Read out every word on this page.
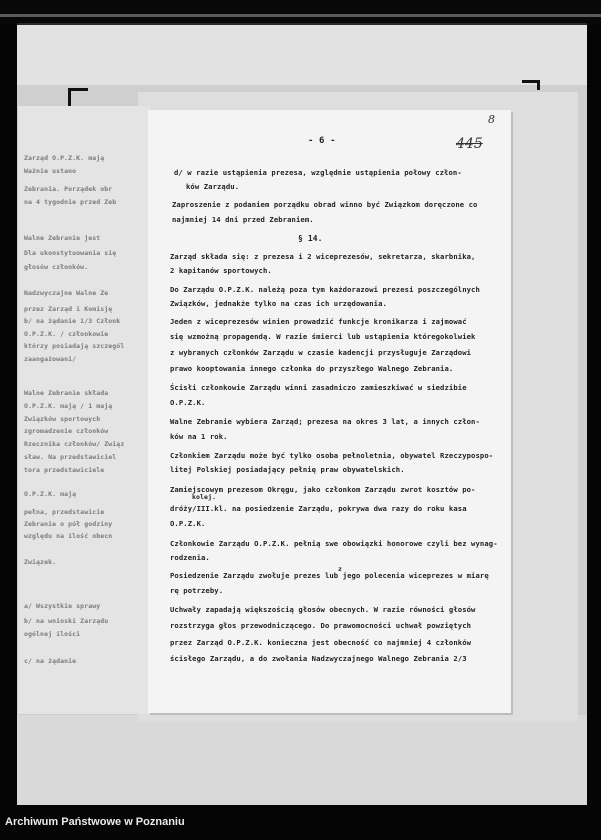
Zarząd O.P.Z.K. mają
Ważnie ustano
Zebrania. Porządek obr
na 4 tygodnie przed Zeb
Walne Zebranie jest
Dla ukonstytuowania się
głosów członków.
Nadzwyczajne Walne Ze
przez Zarząd i Komisję
b/ na żądanie 1/3 Członk
O.P.Z.K. / członkowie
którzy posiadają szczegól
zaangażowani/
Walne Zebranie składa
O.P.Z.K. mają / 1 mają
Związków sportowych
zgromadzenie członków
Rzecznika członków/ Związ
sław. Na przedstawiciel
tora przedstawiciele
O.P.Z.K. mają
pełna, przedstawicie
Zebranie o pół godziny
względu na ilość obecn
Związek.
a/ Wszystkie sprawy
b/ na wnioski Zarządu
ogólnej ilości
c/ na żądanie
- 6 -
8
445
d/ w razie ustąpienia prezesa, względnie ustąpienia połowy człon-
ków Zarządu.
Zaproszenie z podaniem porządku obrad winno być Związkom doręczone co
najmniej 14 dni przed Zebraniem.
§ 14.
Zarząd składa się: z prezesa i 2 wiceprezesów, sekretarza, skarbnika,
2 kapitanów sportowych.
Do Zarządu O.P.Z.K. należą poza tym każdorazowi prezesi poszczególnych
Związków, jednakże tylko na czas ich urzędowania.
Jeden z wiceprezesów winien prowadzić funkcje kronikarza i zajmować
się wzmożną propagendą. W razie śmierci lub ustąpienia któregokolwiek
z wybranych członków Zarządu w czasie kadencji przysługuje Zarządowi
prawo kooptowania innego członka do przyszłego Walnego Zebrania.
Ścisłi członkowie Zarządu winni zasadniczo zamieszkiwać w siedzibie
O.P.Z.K.
Walne Zebranie wybiera Zarząd; prezesa na okres 3 lat, a innych człon-
ków na 1 rok.
Członkiem Zarządu może być tylko osoba pełnoletnia, obywatel Rzeczypospo-
litej Polskiej posiadający pełnię praw obywatelskich.
Zamiejscowym prezesom Okręgu, jako członkom Zarządu zwrot kosztów po-
kolej.
dróży/III.kl. na posiedzenie Zarządu, pokrywa dwa razy do roku kasa
O.P.Z.K.
Członkowie Zarządu O.P.Z.K. pełnią swe obowiązki honorowe czyli bez wynag-
rodzenia.
Posiedzenie Zarządu zwołuje prezes lub jego polecenia wiceprezes w miarę
z
rę potrzeby.
Uchwały zapadają większością głosów obecnych. W razie równości głosów
rozstrzyga głos przewodniczącego. Do prawomocności uchwał powziętych
przez Zarząd O.P.Z.K. konieczna jest obecność co najmniej 4 członków
ścisłego Zarządu, a do zwołania Nadzwyczajnego Walnego Zebrania 2/3
Archiwum Państwowe w Poznaniu
